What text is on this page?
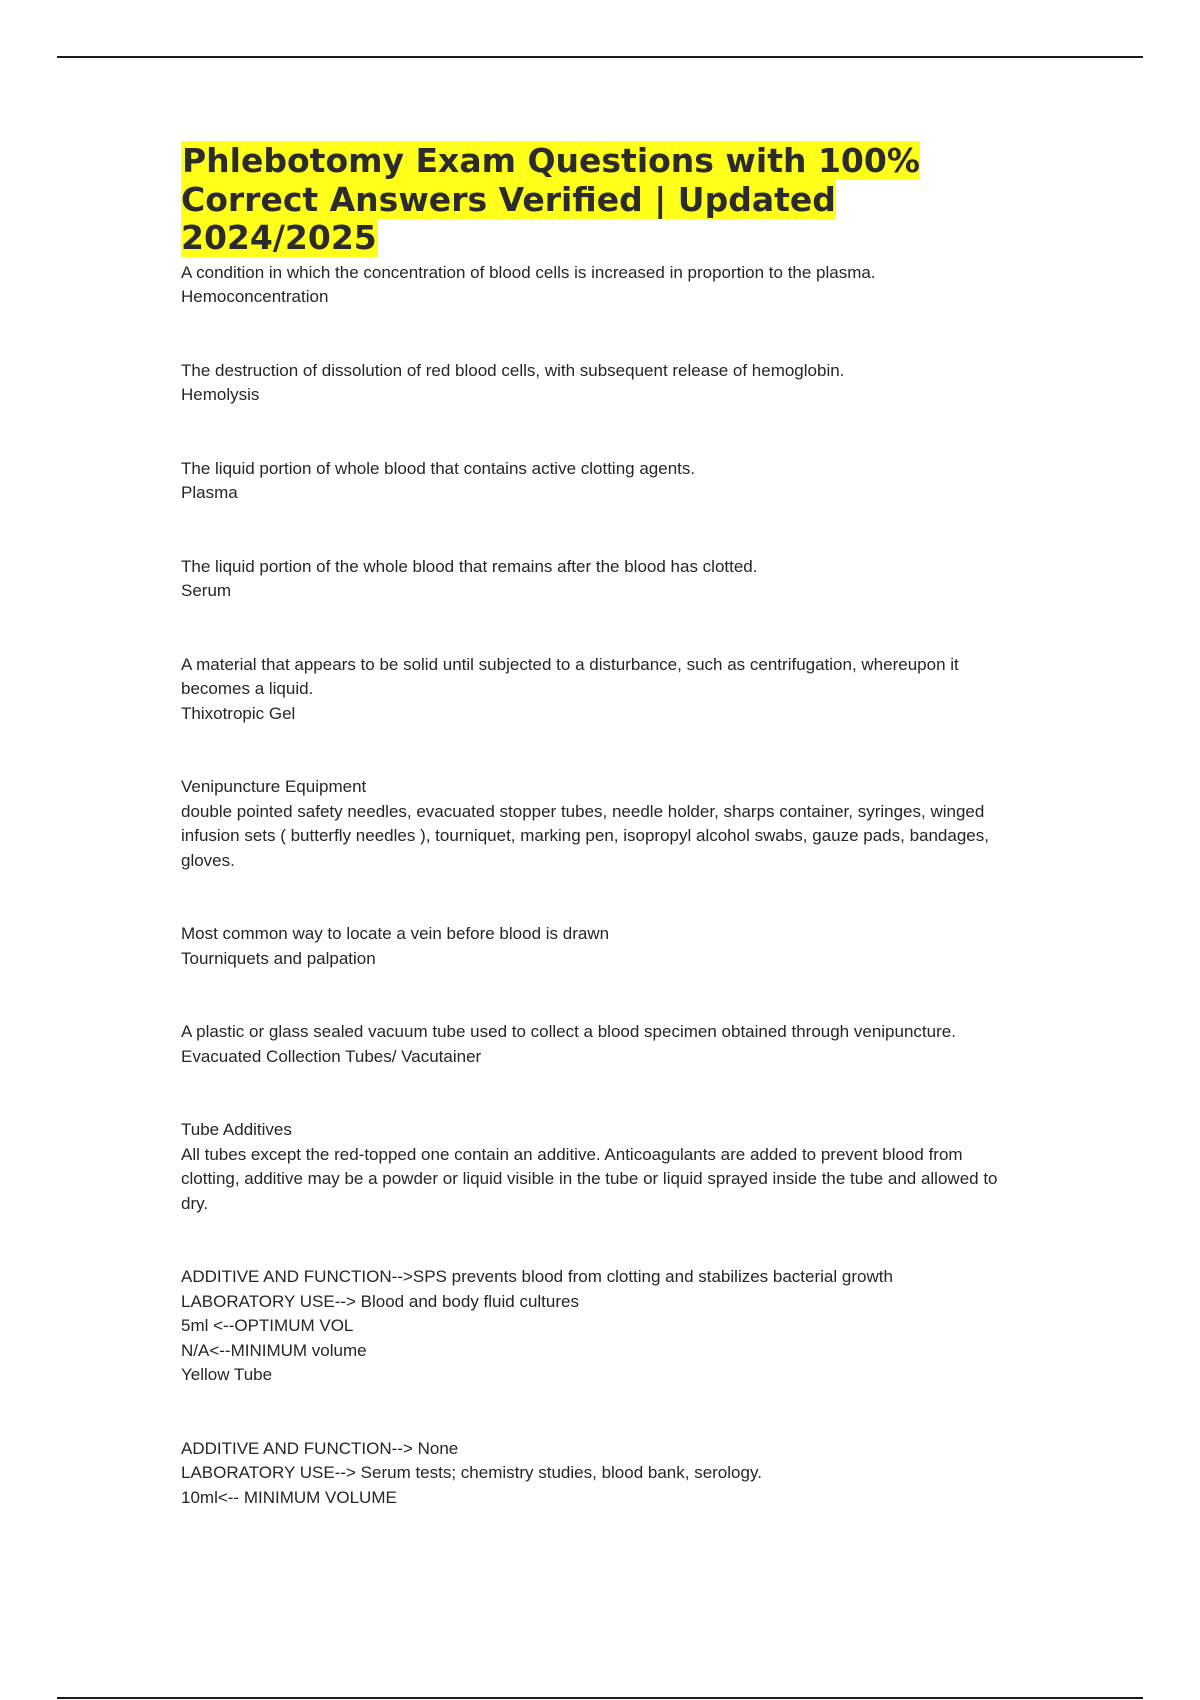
Phlebotomy Exam Questions with 100% Correct Answers Verified | Updated 2024/2025
A condition in which the concentration of blood cells is increased in proportion to the plasma.
Hemoconcentration
The destruction of dissolution of red blood cells, with subsequent release of hemoglobin.
Hemolysis
The liquid portion of whole blood that contains active clotting agents.
Plasma
The liquid portion of the whole blood that remains after the blood has clotted.
Serum
A material that appears to be solid until subjected to a disturbance, such as centrifugation, whereupon it becomes a liquid.
Thixotropic Gel
Venipuncture Equipment
double pointed safety needles, evacuated stopper tubes, needle holder, sharps container, syringes, winged infusion sets ( butterfly needles ), tourniquet, marking pen, isopropyl alcohol swabs, gauze pads, bandages, gloves.
Most common way to locate a vein before blood is drawn
Tourniquets and palpation
A plastic or glass sealed vacuum tube used to collect a blood specimen obtained through venipuncture.
Evacuated Collection Tubes/ Vacutainer
Tube Additives
All tubes except the red-topped one contain an additive. Anticoagulants are added to prevent blood from clotting, additive may be a powder or liquid visible in the tube or liquid sprayed inside the tube and allowed to dry.
ADDITIVE AND FUNCTION-->SPS prevents blood from clotting and stabilizes bacterial growth
LABORATORY USE--> Blood and body fluid cultures
5ml <--OPTIMUM VOL
N/A<--MINIMUM volume
Yellow Tube
ADDITIVE AND FUNCTION--> None
LABORATORY USE--> Serum tests; chemistry studies, blood bank, serology.
10ml<-- MINIMUM VOLUME
